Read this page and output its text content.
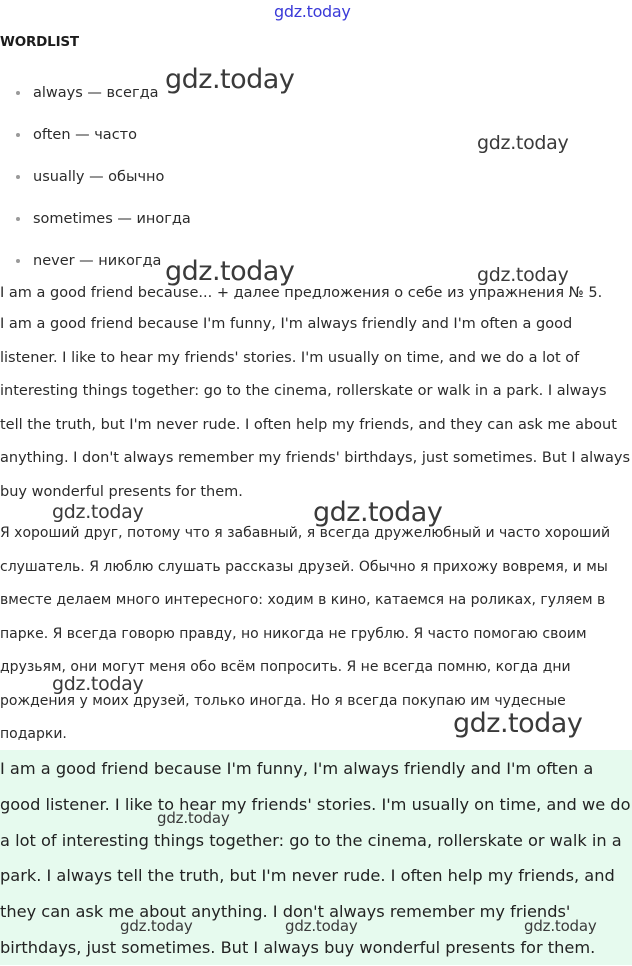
gdz.today
WORDLIST
always — всегда
often — часто
usually — обычно
sometimes — иногда
never — никогда

I am a good friend because... + далее предложения о себе из упражнения № 5.

I am a good friend because I'm funny, I'm always friendly and I'm often a good listener. I like to hear my friends' stories. I'm usually on time, and we do a lot of interesting things together: go to the cinema, rollerskate or walk in a park. I always tell the truth, but I'm never rude. I often help my friends, and they can ask me about anything. I don't always remember my friends' birthdays, just sometimes. But I always buy wonderful presents for them.

Я хороший друг, потому что я забавный, я всегда дружелюбный и часто хороший слушатель. Я люблю слушать рассказы друзей. Обычно я прихожу вовремя, и мы вместе делаем много интересного: ходим в кино, катаемся на роликах, гуляем в парке. Я всегда говорю правду, но никогда не грублю. Я часто помогаю своим друзьям, они могут меня обо всём попросить. Я не всегда помню, когда дни рождения у моих друзей, только иногда. Но я всегда покупаю им чудесные подарки.

I am a good friend because I'm funny, I'm always friendly and I'm often a good listener. I like to hear my friends' stories. I'm usually on time, and we do a lot of interesting things together: go to the cinema, rollerskate or walk in a park. I always tell the truth, but I'm never rude. I often help my friends, and they can ask me about anything. I don't always remember my friends' birthdays, just sometimes. But I always buy wonderful presents for them.

gdz.today
gdz.today
gdz.today	gdz.today
gdz.today	gdz.today
gdz.today
gdz.today
gdz.today
gdz.today	gdz.today	gdz.today
